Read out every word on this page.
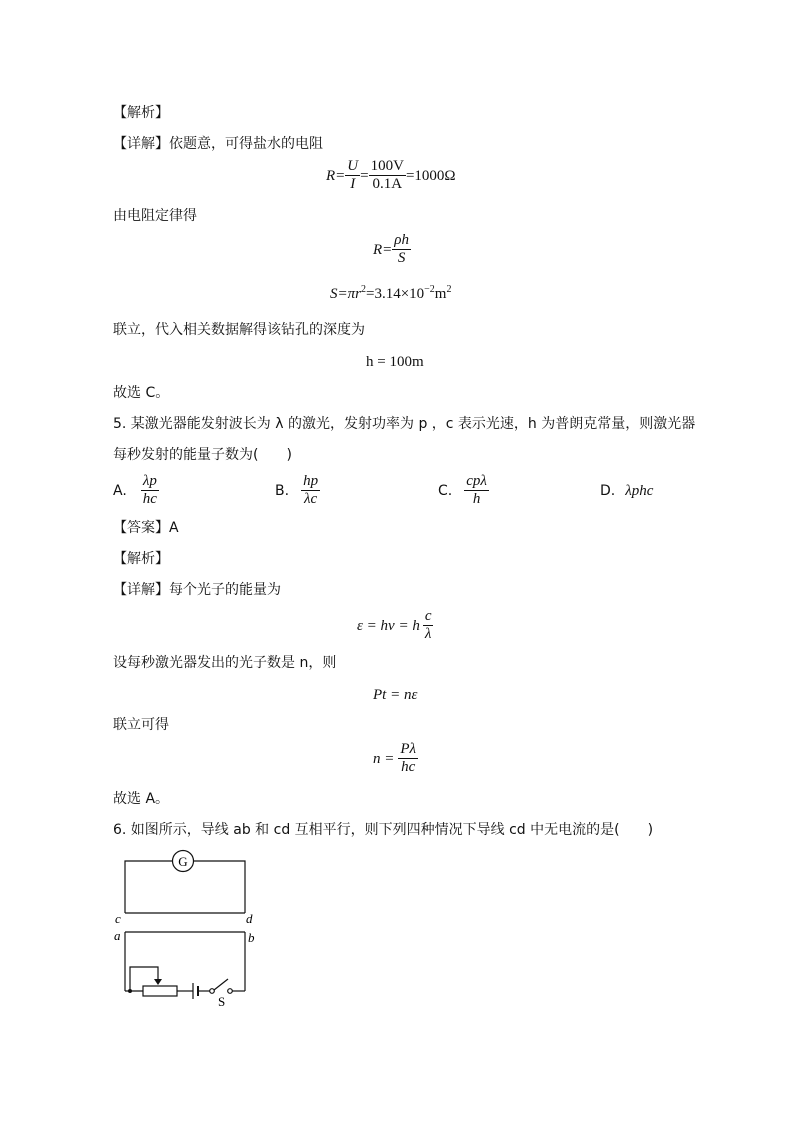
【解析】
【详解】依题意，可得盐水的电阻
$R= \frac{U}{I} = \frac{100V}{0.1A} =1000\Omega$
由电阻定律得
$R= \frac{\rho h}{S}$
$S=\pi r^2=3.14\times 10^{-2}m^2$
联立，代入相关数据解得该钻孔的深度为
h = 100m
故选 C。
5. 某激光器能发射波长为 λ 的激光，发射功率为 p ，c 表示光速，h 为普朗克常量，则激光器
每秒发射的能量子数为(　　)
A. $\frac{\lambda p}{hc}$	B. $\frac{hp}{\lambda c}$	C. $\frac{\text{cpλ}}{h}$	D. λphc
【答案】A
【解析】
【详解】每个光子的能量为
ε = hν = h $\frac{c}{\lambda}$
设每秒激光器发出的光子数是 n，则
Pt = nε
联立可得
$n = \frac{P\lambda}{hc}$
故选 A。
6. 如图所示，导线 ab 和 cd 互相平行，则下列四种情况下导线 cd 中无电流的是(　　)
G
c	d
a	b
S
